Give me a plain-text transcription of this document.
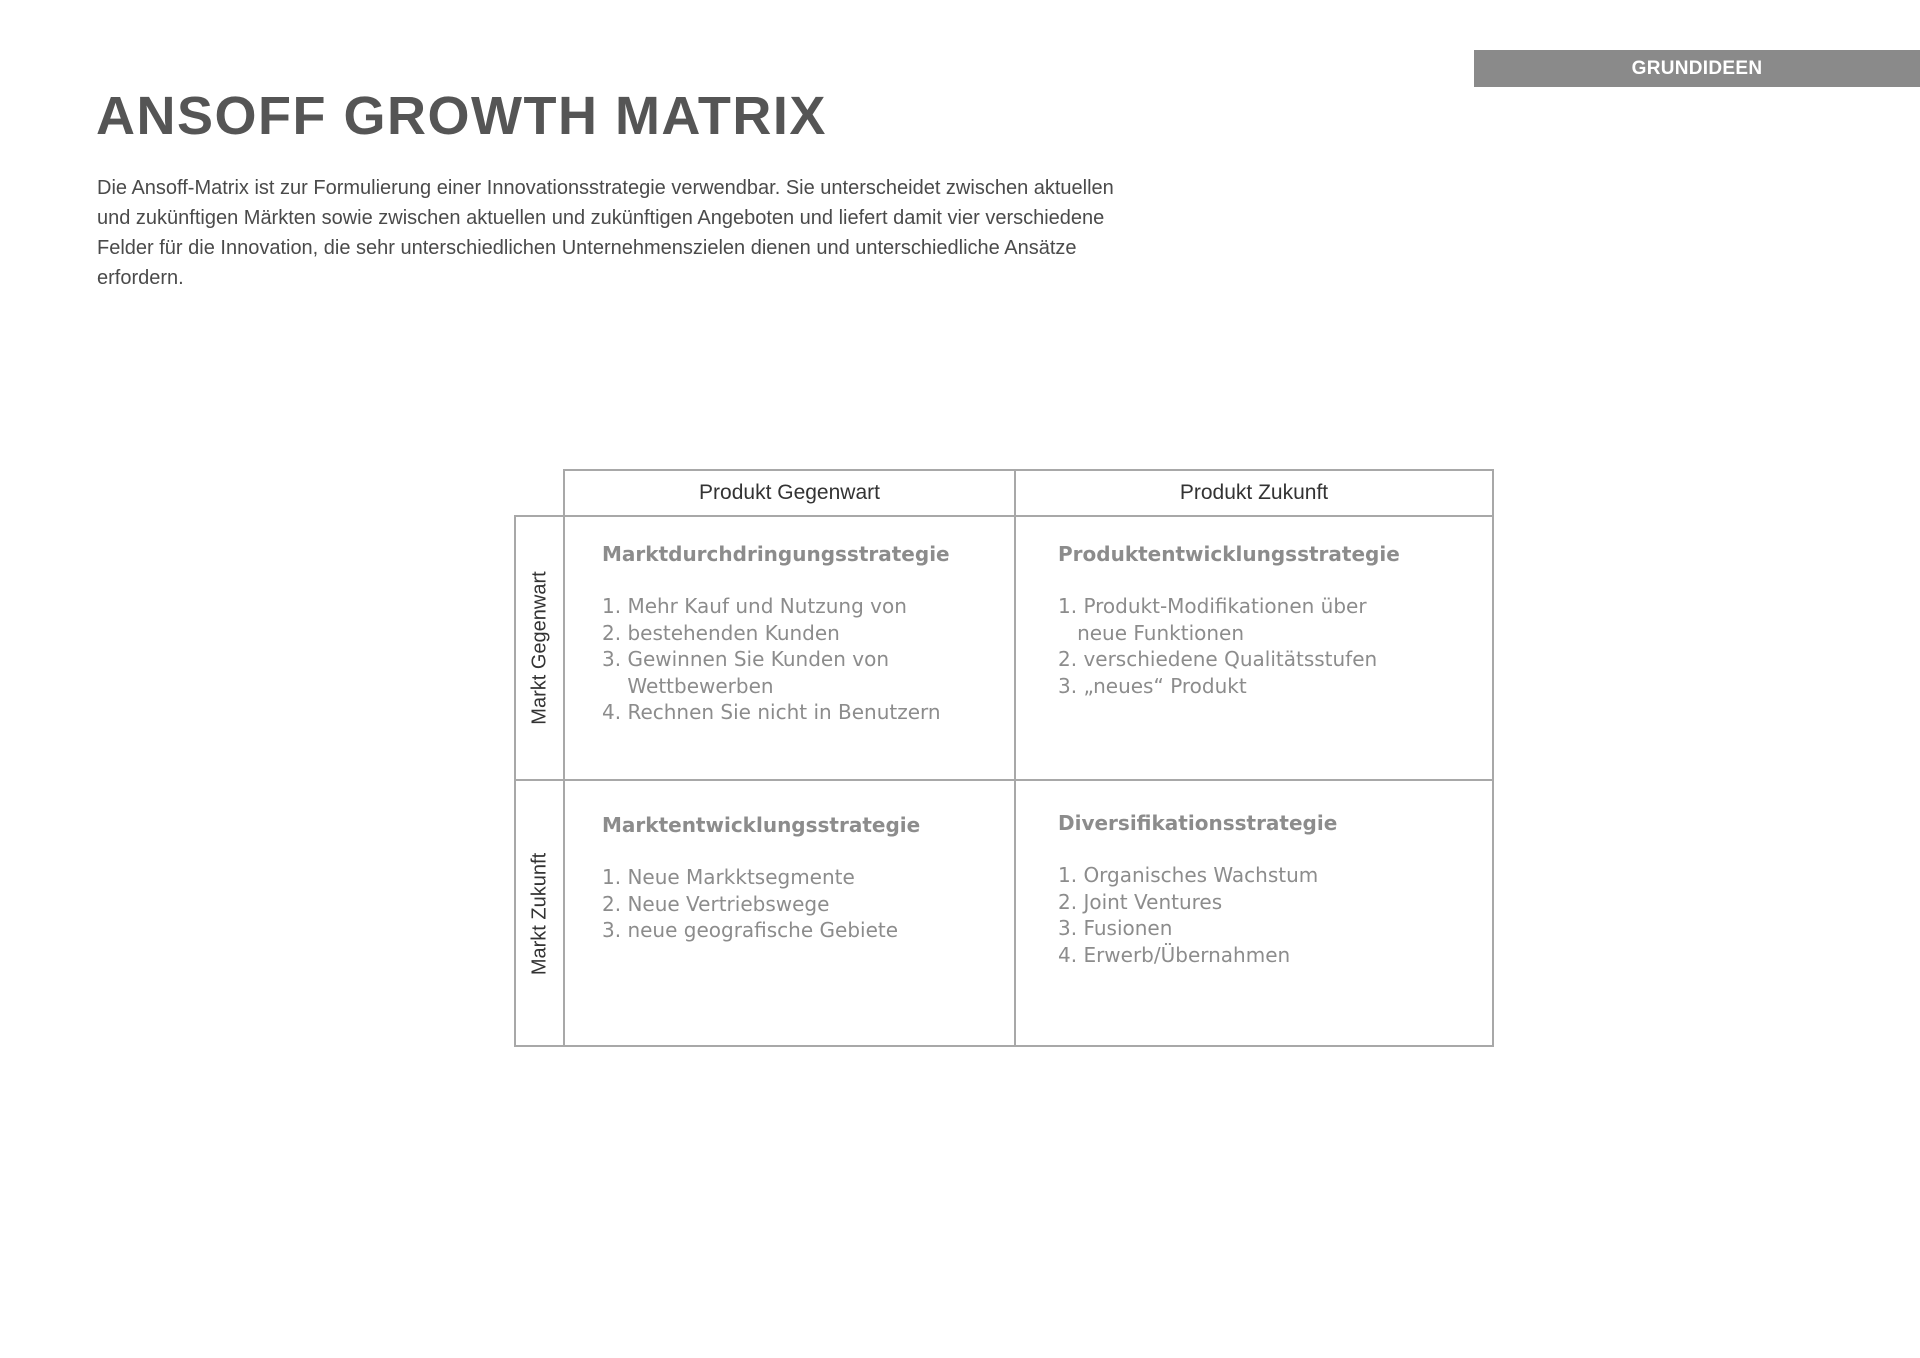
GRUNDIDEEN
ANSOFF GROWTH MATRIX

Die Ansoff-Matrix ist zur Formulierung einer Innovationsstrategie verwendbar. Sie unterscheidet zwischen aktuellen und zukünftigen Märkten sowie zwischen aktuellen und zukünftigen Angeboten und liefert damit vier verschiedene Felder für die Innovation, die sehr unterschiedlichen Unternehmenszielen dienen und unterschiedliche Ansätze erfordern.

Produkt Gegenwart	Produkt Zukunft
Markt Gegenwart
Markt Zukunft
Marktdurchdringungsstrategie
1. Mehr Kauf und Nutzung von
2. bestehenden Kunden
3. Gewinnen Sie Kunden von
Wettbewerben
4. Rechnen Sie nicht in Benutzern
Produktentwicklungsstrategie
1. Produkt-Modifikationen über
neue Funktionen
2. verschiedene Qualitätsstufen
3. „neues“ Produkt
Marktentwicklungsstrategie
1. Neue Markktsegmente
2. Neue Vertriebswege
3. neue geografische Gebiete
Diversifikationsstrategie
1. Organisches Wachstum
2. Joint Ventures
3. Fusionen
4. Erwerb/Übernahmen
